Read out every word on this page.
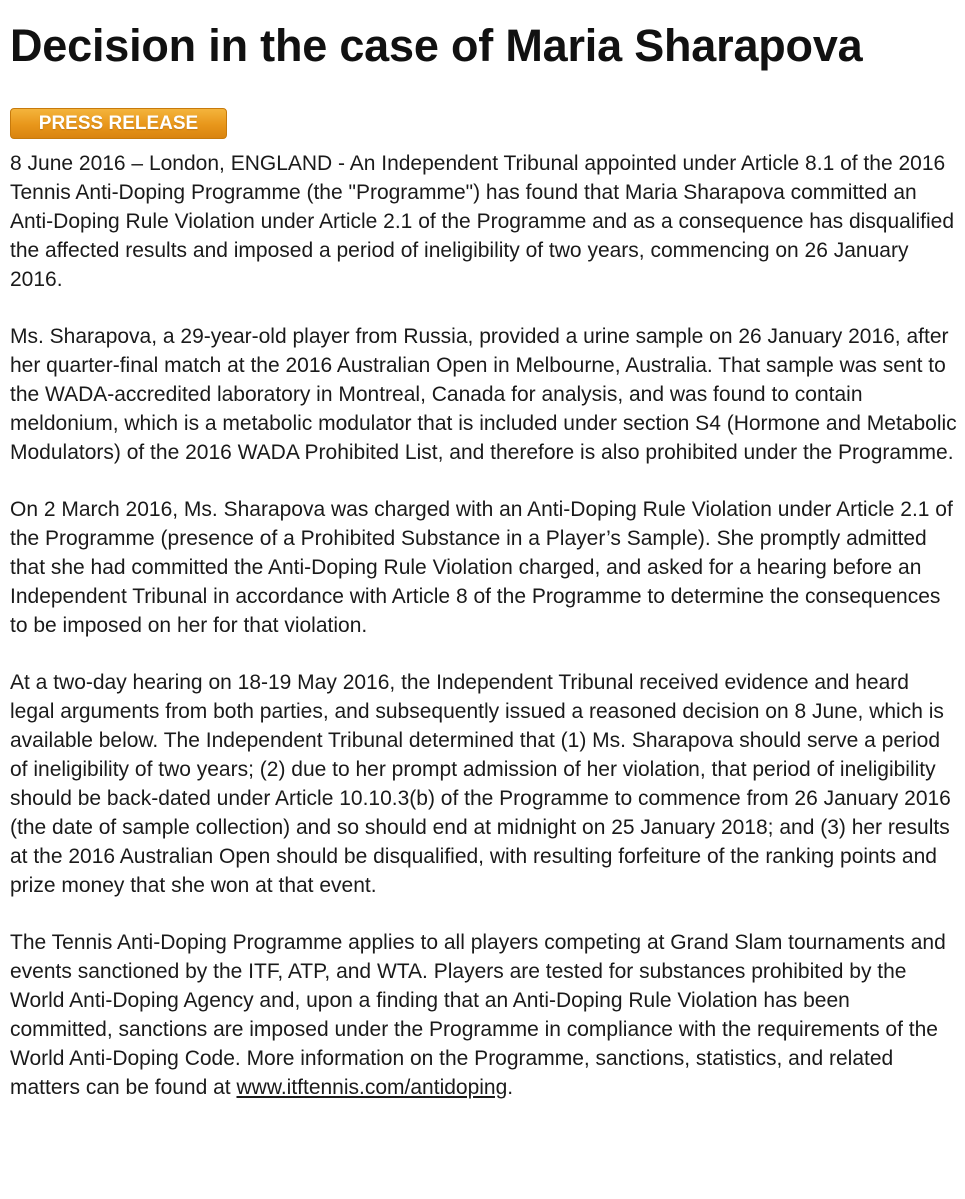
Decision in the case of Maria Sharapova
PRESS RELEASE

8 June 2016 – London, ENGLAND - An Independent Tribunal appointed under Article 8.1 of the 2016 Tennis Anti-Doping Programme (the "Programme") has found that Maria Sharapova committed an Anti-Doping Rule Violation under Article 2.1 of the Programme and as a consequence has disqualified the affected results and imposed a period of ineligibility of two years, commencing on 26 January 2016.

Ms. Sharapova, a 29-year-old player from Russia, provided a urine sample on 26 January 2016, after her quarter-final match at the 2016 Australian Open in Melbourne, Australia. That sample was sent to the WADA-accredited laboratory in Montreal, Canada for analysis, and was found to contain meldonium, which is a metabolic modulator that is included under section S4 (Hormone and Metabolic Modulators) of the 2016 WADA Prohibited List, and therefore is also prohibited under the Programme.

On 2 March 2016, Ms. Sharapova was charged with an Anti-Doping Rule Violation under Article 2.1 of the Programme (presence of a Prohibited Substance in a Player’s Sample). She promptly admitted that she had committed the Anti-Doping Rule Violation charged, and asked for a hearing before an Independent Tribunal in accordance with Article 8 of the Programme to determine the consequences to be imposed on her for that violation.

At a two-day hearing on 18-19 May 2016, the Independent Tribunal received evidence and heard legal arguments from both parties, and subsequently issued a reasoned decision on 8 June, which is available below. The Independent Tribunal determined that (1) Ms. Sharapova should serve a period of ineligibility of two years; (2) due to her prompt admission of her violation, that period of ineligibility should be back-dated under Article 10.10.3(b) of the Programme to commence from 26 January 2016 (the date of sample collection) and so should end at midnight on 25 January 2018; and (3) her results at the 2016 Australian Open should be disqualified, with resulting forfeiture of the ranking points and prize money that she won at that event.

The Tennis Anti-Doping Programme applies to all players competing at Grand Slam tournaments and events sanctioned by the ITF, ATP, and WTA. Players are tested for substances prohibited by the World Anti-Doping Agency and, upon a finding that an Anti-Doping Rule Violation has been committed, sanctions are imposed under the Programme in compliance with the requirements of the World Anti-Doping Code. More information on the Programme, sanctions, statistics, and related matters can be found at www.itftennis.com/antidoping.
